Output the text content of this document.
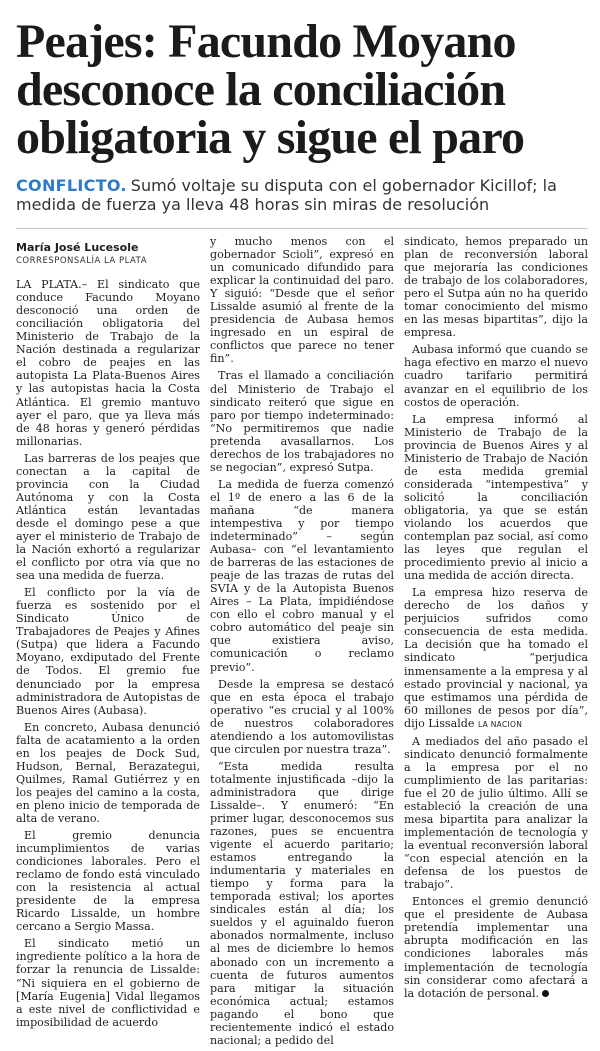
Peajes: Facundo Moyano desconoce la conciliación obligatoria y sigue el paro

CONFLICTO. Sumó voltaje su disputa con el gobernador Kicillof; la medida de fuerza ya lleva 48 horas sin miras de resolución

María José Lucesole
CORRESPONSALÍA LA PLATA

LA PLATA.– El sindicato que conduce Facundo Moyano desconoció una orden de conciliación obligatoria del Ministerio de Trabajo de la Nación destinada a regularizar el cobro de peajes en las autopista La Plata-Buenos Aires y las autopistas hacia la Costa Atlántica. El gremio mantuvo ayer el paro, que ya lleva más de 48 horas y generó pérdidas millonarias.

Las barreras de los peajes que conectan a la capital de provincia con la Ciudad Autónoma y con la Costa Atlántica están levantadas desde el domingo pese a que ayer el ministerio de Trabajo de la Nación exhortó a regularizar el conflicto por otra vía que no sea una medida de fuerza.

El conflicto por la vía de fuerza es sostenido por el Sindicato Único de Trabajadores de Peajes y Afines (Sutpa) que lidera a Facundo Moyano, exdiputado del Frente de Todos. El gremio fue denunciado por la empresa administradora de Autopistas de Buenos Aires (Aubasa).

En concreto, Aubasa denunció falta de acatamiento a la orden en los peajes de Dock Sud, Hudson, Bernal, Berazategui, Quilmes, Ramal Gutiérrez y en los peajes del camino a la costa, en pleno inicio de temporada de alta de verano.

El gremio denuncia incumplimientos de varias condiciones laborales. Pero el reclamo de fondo está vinculado con la resistencia al actual presidente de la empresa Ricardo Lissalde, un hombre cercano a Sergio Massa.

El sindicato metió un ingrediente político a la hora de forzar la renuncia de Lissalde: “Ni siquiera en el gobierno de [María Eugenia] Vidal llegamos a este nivel de conflictividad e imposibilidad de acuerdo

y mucho menos con el gobernador Scioli”, expresó en un comunicado difundido para explicar la continuidad del paro. Y siguió: “Desde que el señor Lissalde asumió al frente de la presidencia de Aubasa hemos ingresado en un espiral de conflictos que parece no tener fin”.

Tras el llamado a conciliación del Ministerio de Trabajo el sindicato reiteró que sigue en paro por tiempo indeterminado: “No permitiremos que nadie pretenda avasallarnos. Los derechos de los trabajadores no se negocian”, expresó Sutpa.

La medida de fuerza comenzó el 1º de enero a las 6 de la mañana “de manera intempestiva y por tiempo indeterminado” – según Aubasa– con “el levantamiento de barreras de las estaciones de peaje de las trazas de rutas del SVIA y de la Autopista Buenos Aires – La Plata, impidiéndose con ello el cobro manual y el cobro automático del peaje sin que existiera aviso, comunicación o reclamo previo”.

Desde la empresa se destacó que en esta época el trabajo operativo “es crucial y al 100% de nuestros colaboradores atendiendo a los automovilistas que circulen por nuestra traza”.

“Esta medida resulta totalmente injustificada –dijo la administradora que dirige Lissalde–. Y enumeró: “En primer lugar, desconocemos sus razones, pues se encuentra vigente el acuerdo paritario; estamos entregando la indumentaria y materiales en tiempo y forma para la temporada estival; los aportes sindicales están al día; los sueldos y el aguinaldo fueron abonados normalmente, incluso al mes de diciembre lo hemos abonado con un incremento a cuenta de futuros aumentos para mitigar la situación económica actual; estamos pagando el bono que recientemente indicó el estado nacional; a pedido del

sindicato, hemos preparado un plan de reconversión laboral que mejoraría las condiciones de trabajo de los colaboradores, pero el Sutpa aún no ha querido tomar conocimiento del mismo en las mesas bipartitas”, dijo la empresa.

Aubasa informó que cuando se haga efectivo en marzo el nuevo cuadro tarifario permitirá avanzar en el equilibrio de los costos de operación.

La empresa informó al Ministerio de Trabajo de la provincia de Buenos Aires y al Ministerio de Trabajo de Nación de esta medida gremial considerada “intempestiva” y solicitó la conciliación obligatoria, ya que se están violando los acuerdos que contemplan paz social, así como las leyes que regulan el procedimiento previo al inicio a una medida de acción directa.

La empresa hizo reserva de derecho de los daños y perjuicios sufridos como consecuencia de esta medida. La decisión que ha tomado el sindicato “perjudica inmensamente a la empresa y al estado provincial y nacional, ya que estimamos una pérdida de 60 millones de pesos por día”, dijo Lissalde LA NACION

A mediados del año pasado el sindicato denunció formalmente a la empresa por el no cumplimiento de las paritarias: fue el 20 de julio último. Allí se estableció la creación de una mesa bipartita para analizar la implementación de tecnología y la eventual reconversión laboral “con especial atención en la defensa de los puestos de trabajo”.

Entonces el gremio denunció que el presidente de Aubasa pretendía implementar una abrupta modificación en las condiciones laborales más implementación de tecnología sin considerar como afectará a la dotación de personal.
